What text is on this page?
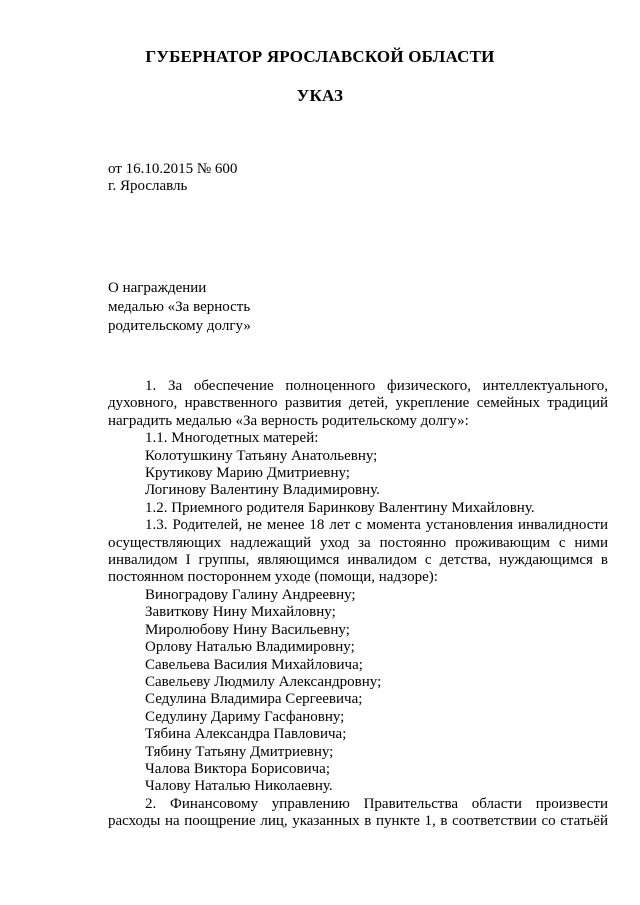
ГУБЕРНАТОР ЯРОСЛАВСКОЙ ОБЛАСТИ
УКАЗ
от 16.10.2015 № 600
г. Ярославль
О награждении
медалью «За верность
родительскому долгу»

1. За обеспечение полноценного физического, интеллектуального, духовного, нравственного развития детей, укрепление семейных традиций наградить медалью «За верность родительскому долгу»:

1.1. Многодетных матерей:

Колотушкину Татьяну Анатольевну;

Крутикову Марию Дмитриевну;

Логинову Валентину Владимировну.

1.2. Приемного родителя Баринкову Валентину Михайловну.

1.3. Родителей, не менее 18 лет с момента установления инвалидности осуществляющих надлежащий уход за постоянно проживающим с ними инвалидом I группы, являющимся инвалидом с детства, нуждающимся в постоянном постороннем уходе (помощи, надзоре):

Виноградову Галину Андреевну;

Завиткову Нину Михайловну;

Миролюбову Нину Васильевну;

Орлову Наталью Владимировну;

Савельева Василия Михайловича;

Савельеву Людмилу Александровну;

Седулина Владимира Сергеевича;

Седулину Дариму Гасфановну;

Тябина Александра Павловича;

Тябину Татьяну Дмитриевну;

Чалова Виктора Борисовича;

Чалову Наталью Николаевну.

2. Финансовому управлению Правительства области произвести расходы на поощрение лиц, указанных в пункте 1, в соответствии со статьёй
